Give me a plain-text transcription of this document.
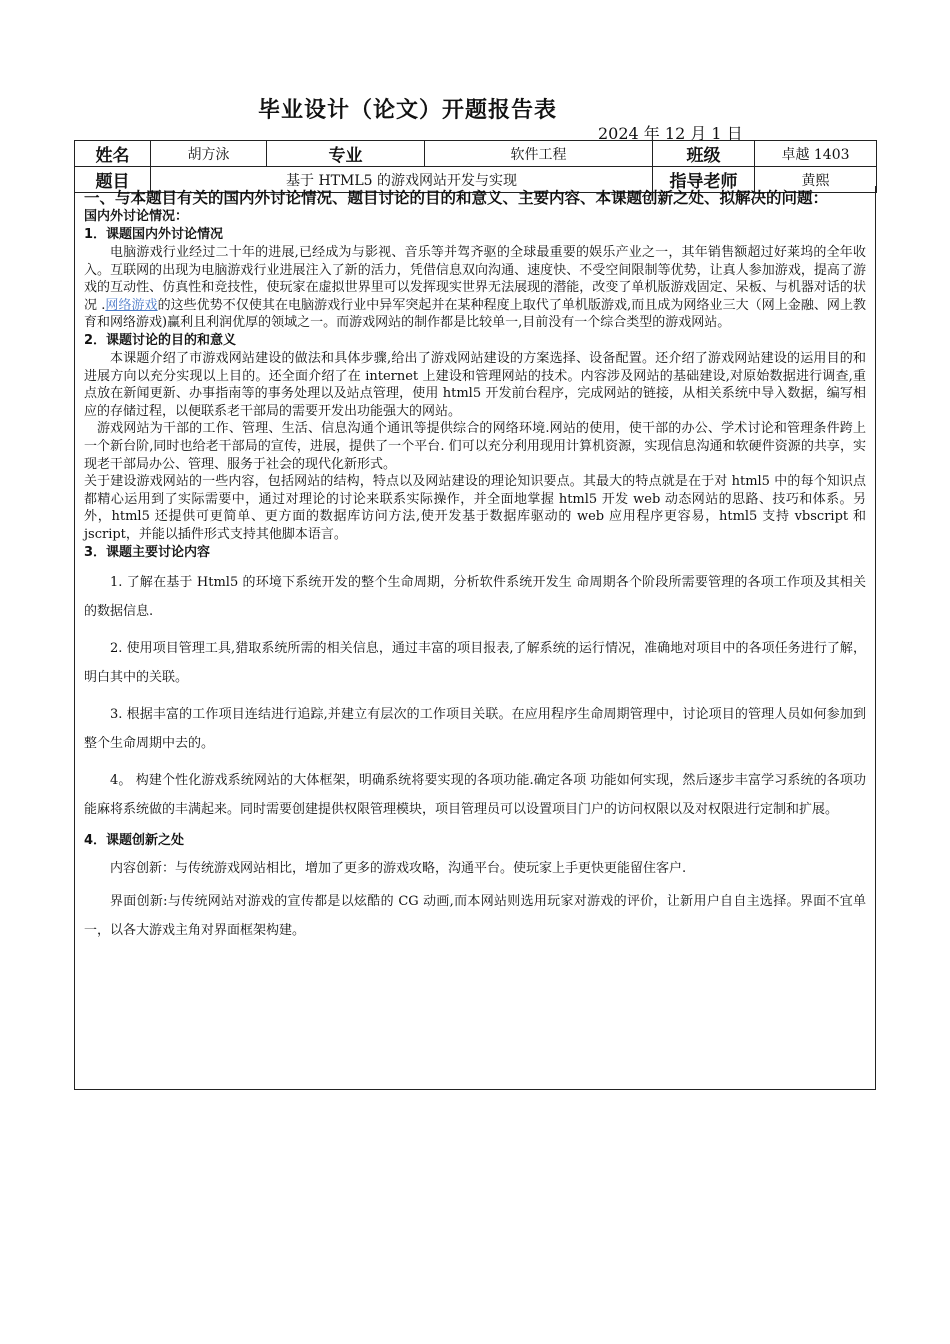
毕业设计（论文）开题报告表
2024 年 12 月 1 日
姓名	胡方泳	专业	软件工程	班级	卓越 1403
题目	基于 HTML5 的游戏网站开发与实现			指导老师	黄熙

一、与本题目有关的国内外讨论情况、题目讨论的目的和意义、主要内容、本课题创新之处、拟解决的问题：

国内外讨论情况：

1．课题国内外讨论情况

电脑游戏行业经过二十年的进展,已经成为与影视、音乐等并驾齐驱的全球最重要的娱乐产业之一，其年销售额超过好莱坞的全年收入。互联网的出现为电脑游戏行业进展注入了新的活力，凭借信息双向沟通、速度快、不受空间限制等优势，让真人参加游戏，提高了游戏的互动性、仿真性和竞技性，使玩家在虚拟世界里可以发挥现实世界无法展现的潜能，改变了单机版游戏固定、呆板、与机器对话的状况 .网络游戏的这些优势不仅使其在电脑游戏行业中异军突起并在某种程度上取代了单机版游戏,而且成为网络业三大（网上金融、网上教育和网络游戏)赢利且利润优厚的领域之一。而游戏网站的制作都是比较单一,目前没有一个综合类型的游戏网站。

2．课题讨论的目的和意义

本课题介绍了市游戏网站建设的做法和具体步骤,给出了游戏网站建设的方案选择、设备配置。还介绍了游戏网站建设的运用目的和进展方向以充分实现以上目的。还全面介绍了在 internet 上建设和管理网站的技术。内容涉及网站的基础建设,对原始数据进行调查,重点放在新闻更新、办事指南等的事务处理以及站点管理，使用 html5 开发前台程序，完成网站的链接，从相关系统中导入数据，编写相应的存储过程，以便联系老干部局的需要开发出功能强大的网站。

游戏网站为干部的工作、管理、生活、信息沟通个通讯等提供综合的网络环境.网站的使用，使干部的办公、学术讨论和管理条件跨上一个新台阶,同时也给老干部局的宣传，进展，提供了一个平台. 们可以充分利用现用计算机资源，实现信息沟通和软硬件资源的共享，实现老干部局办公、管理、服务于社会的现代化新形式。

关于建设游戏网站的一些内容，包括网站的结构，特点以及网站建设的理论知识要点。其最大的特点就是在于对 html5 中的每个知识点都精心运用到了实际需要中，通过对理论的讨论来联系实际操作，并全面地掌握 html5 开发 web 动态网站的思路、技巧和体系。另外，html5 还提供可更简单、更方面的数据库访问方法,使开发基于数据库驱动的 web 应用程序更容易，html5 支持 vbscript 和 jscript，并能以插件形式支持其他脚本语言。

3．课题主要讨论内容

1. 了解在基于 Html5 的环境下系统开发的整个生命周期，分析软件系统开发生 命周期各个阶段所需要管理的各项工作项及其相关的数据信息.

2. 使用项目管理工具,猎取系统所需的相关信息，通过丰富的项目报表,了解系统的运行情况，准确地对项目中的各项任务进行了解，明白其中的关联。

3. 根据丰富的工作项目连结进行追踪,并建立有层次的工作项目关联。在应用程序生命周期管理中，讨论项目的管理人员如何参加到整个生命周期中去的。

4。 构建个性化游戏系统网站的大体框架，明确系统将要实现的各项功能.确定各项 功能如何实现，然后逐步丰富学习系统的各项功能麻将系统做的丰满起来。同时需要创建提供权限管理模块，项目管理员可以设置项目门户的访问权限以及对权限进行定制和扩展。

4．课题创新之处

内容创新：与传统游戏网站相比，增加了更多的游戏攻略，沟通平台。使玩家上手更快更能留住客户.

界面创新:与传统网站对游戏的宣传都是以炫酷的 CG 动画,而本网站则选用玩家对游戏的评价，让新用户自自主选择。界面不宜单一，以各大游戏主角对界面框架构建。
